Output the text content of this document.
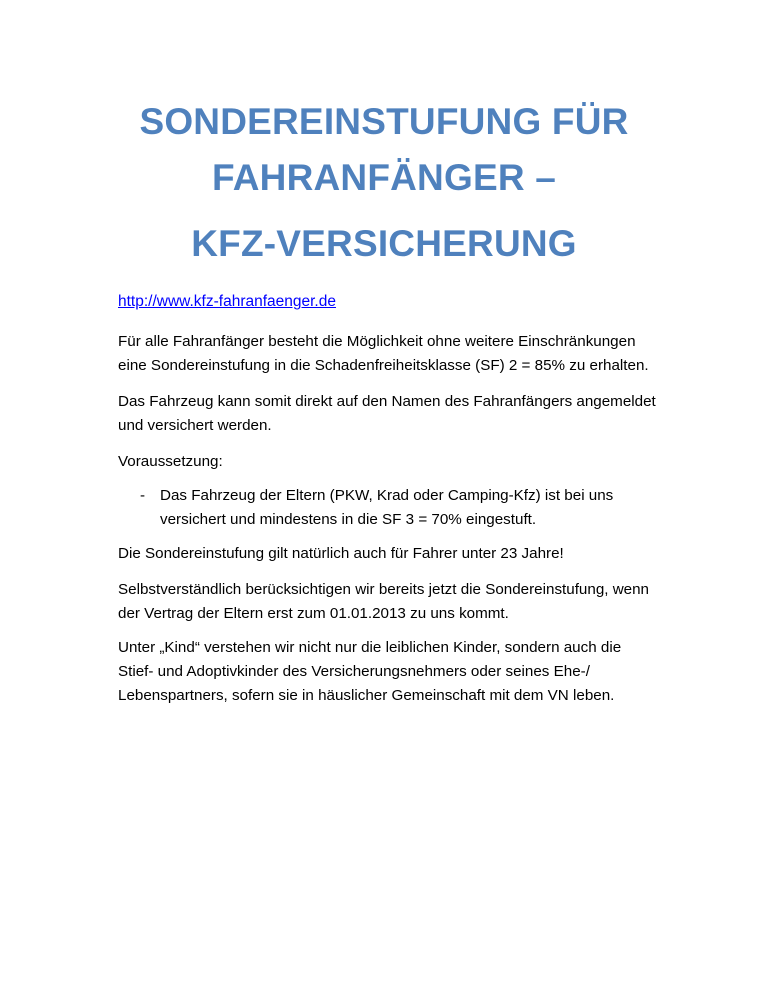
SONDEREINSTUFUNG FÜR
FAHRANFÄNGER –
KFZ-VERSICHERUNG
http://www.kfz-fahranfaenger.de
Für alle Fahranfänger besteht die Möglichkeit ohne weitere Einschränkungen
eine Sondereinstufung in die Schadenfreiheitsklasse (SF) 2 = 85% zu erhalten.
Das Fahrzeug kann somit direkt auf den Namen des Fahranfängers angemeldet
und versichert werden.
Voraussetzung:
- Das Fahrzeug der Eltern (PKW, Krad oder Camping-Kfz) ist bei uns
versichert und mindestens in die SF 3 = 70% eingestuft.
Die Sondereinstufung gilt natürlich auch für Fahrer unter 23 Jahre!
Selbstverständlich berücksichtigen wir bereits jetzt die Sondereinstufung, wenn
der Vertrag der Eltern erst zum 01.01.2013 zu uns kommt.
Unter „Kind“ verstehen wir nicht nur die leiblichen Kinder, sondern auch die
Stief- und Adoptivkinder des Versicherungsnehmers oder seines Ehe-/
Lebenspartners, sofern sie in häuslicher Gemeinschaft mit dem VN leben.
